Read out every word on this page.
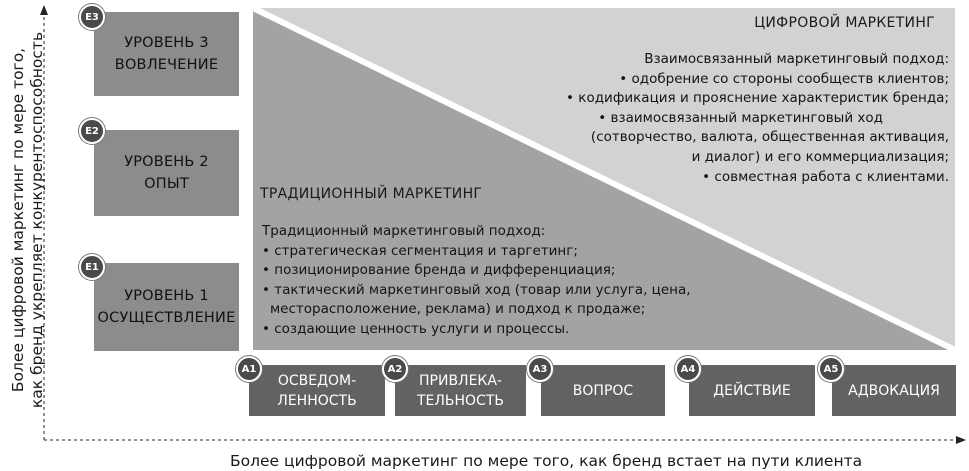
Более цифровой маркетинг по мере того, как бренд укрепляет конкурентоспособность
ЦИФРОВОЙ МАРКЕТИНГ
Взаимосвязанный маркетинговый подход:
• одобрение со стороны сообществ клиентов;
• кодификация и прояснение характеристик бренда;
• взаимосвязанный маркетинговый ход
(сотворчество, валюта, общественная активация,
и диалог) и его коммерциализация;
• совместная работа с клиентами.
ТРАДИЦИОННЫЙ МАРКЕТИНГ
Традиционный маркетинговый подход:
• стратегическая сегментация и таргетинг;
• позиционирование бренда и дифференциация;
• тактический маркетинговый ход (товар или услуга, цена,
месторасположение, реклама) и подход к продаже;
• создающие ценность услуги и процессы.
УРОВЕНЬ 3
ВОВЛЕЧЕНИЕ
E3
УРОВЕНЬ 2
ОПЫТ
E2
УРОВЕНЬ 1
ОСУЩЕСТВЛЕНИЕ
E1
ОСВЕДОМ-
ЛЕННОСТЬ
A1
ПРИВЛЕКА-
ТЕЛЬНОСТЬ
A2
ВОПРОС
A3
ДЕЙСТВИЕ
A4
АДВОКАЦИЯ
A5
Более цифровой маркетинг по мере того, как бренд встает на пути клиента
